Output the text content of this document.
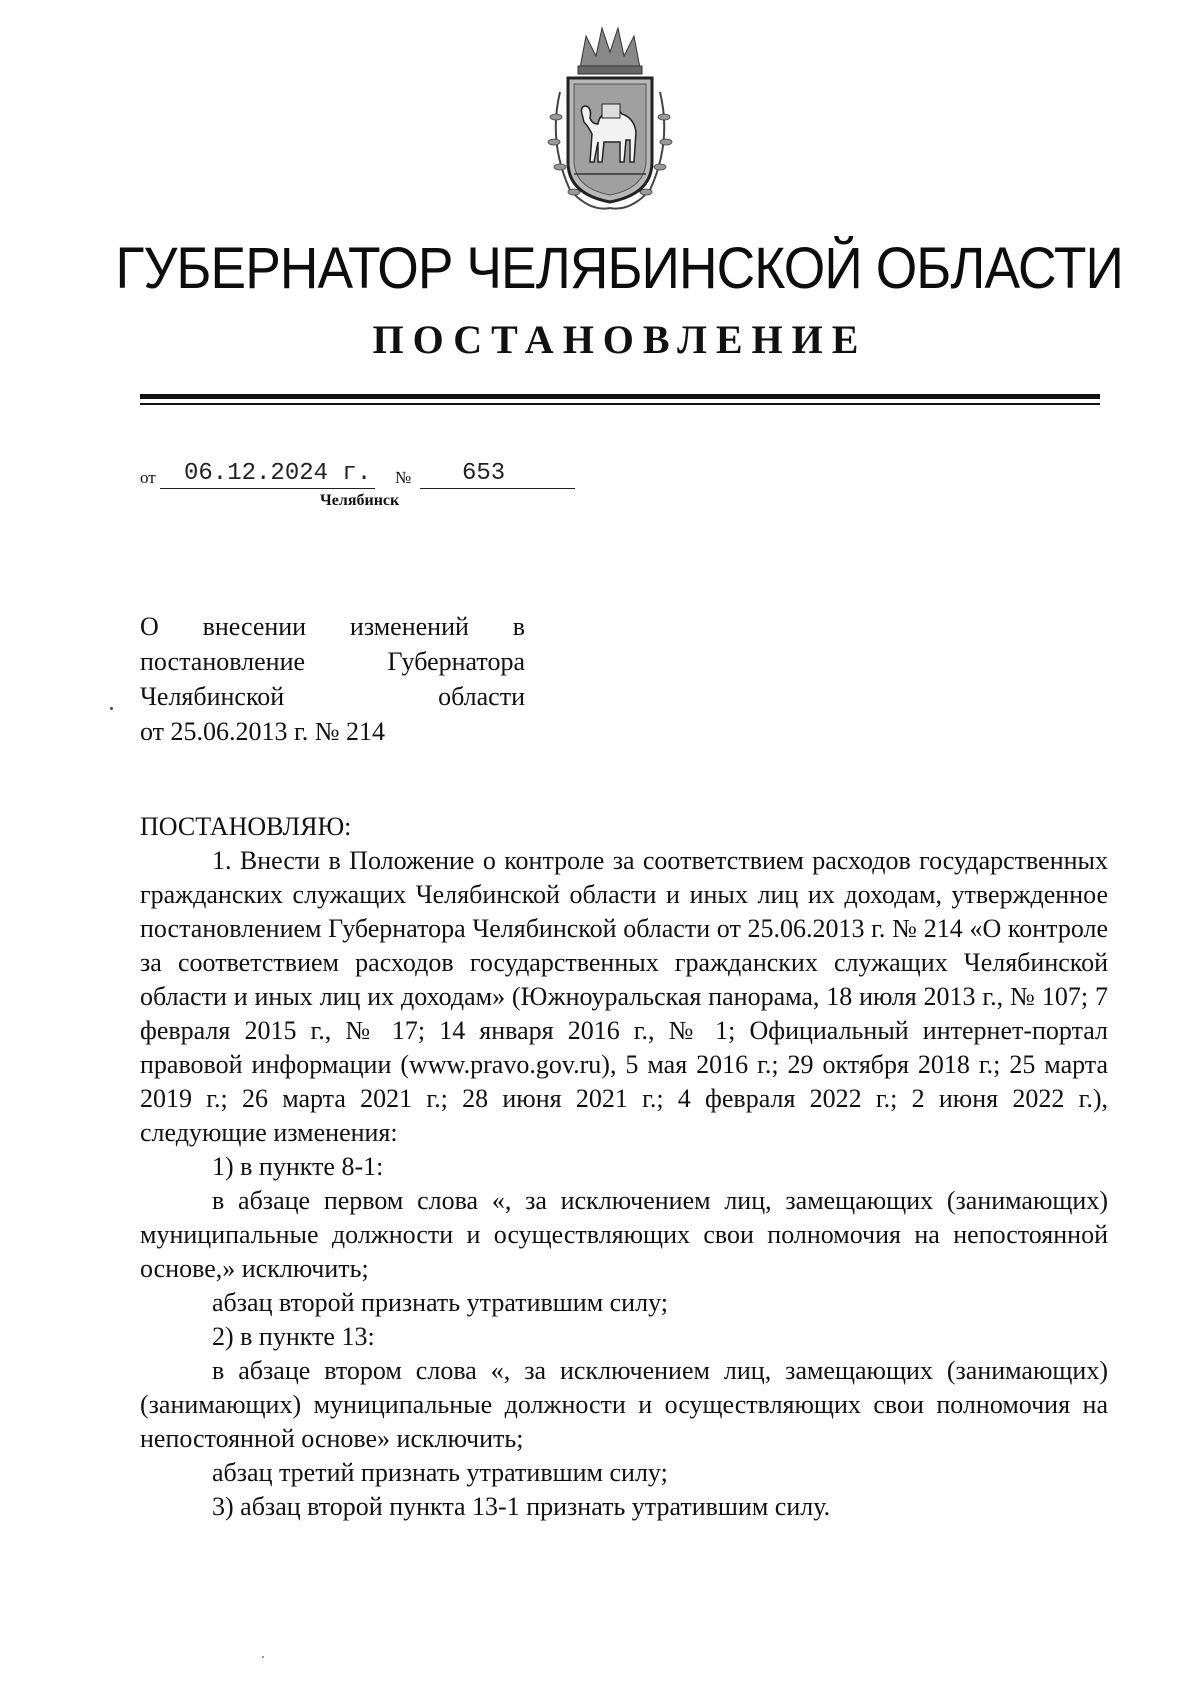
ГУБЕРНАТОР ЧЕЛЯБИНСКОЙ ОБЛАСТИ
ПОСТАНОВЛЕНИЕ
от 06.12.2024 г. № 653
Челябинск
О внесении изменений в
постановление Губернатора
Челябинской области
от 25.06.2013 г. № 214
ПОСТАНОВЛЯЮ:

1. Внести в Положение о контроле за соответствием расходов государственных гражданских служащих Челябинской области и иных лиц их доходам, утвержденное постановлением Губернатора Челябинской области от 25.06.2013 г. № 214 «О контроле за соответствием расходов государственных гражданских служащих Челябинской области и иных лиц их доходам» (Южноуральская панорама, 18 июля 2013 г., № 107; 7 февраля 2015 г., № 17; 14 января 2016 г., № 1; Официальный интернет-портал правовой информации (www.pravo.gov.ru), 5 мая 2016 г.; 29 октября 2018 г.; 25 марта 2019 г.; 26 марта 2021 г.; 28 июня 2021 г.; 4 февраля 2022 г.; 2 июня 2022 г.), следующие изменения:

1) в пункте 8-1:

в абзаце первом слова «, за исключением лиц, замещающих (занимающих) муниципальные должности и осуществляющих свои полномочия на непостоянной основе,» исключить;

абзац второй признать утратившим силу;

2) в пункте 13:

в абзаце втором слова «, за исключением лиц, замещающих (занимающих) (занимающих) муниципальные должности и осуществляющих свои полномочия на непостоянной основе» исключить;

абзац третий признать утратившим силу;

3) абзац второй пункта 13-1 признать утратившим силу.
